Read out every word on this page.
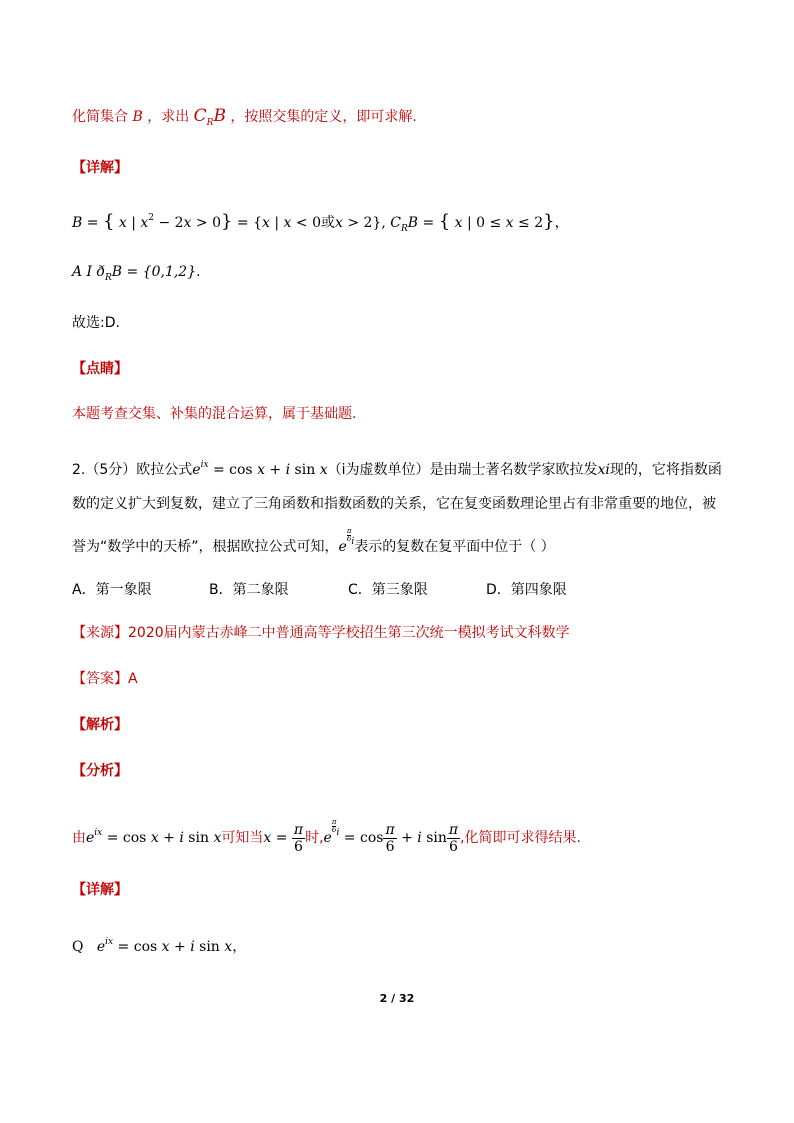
化简集合 B ，求出 $C_RB$ ，按照交集的定义，即可求解.
【详解】
B = { x | $x^2 - 2x > 0\} = \{x$ | x < 0或x > 2}, $C_RB$ = { x | 0 ≤ x ≤ 2}，
A I $ð_RB = \{0,1,2\}$.
故选:D.
【点睛】
本题考查交集、补集的混合运算，属于基础题.
2.（5分）欧拉公式$e^{ix} = \cos x + i$ sin x（i为虚数单位）是由瑞士著名数学家欧拉发xi现的，它将指数函
数的定义扩大到复数，建立了三角函数和指数函数的关系，它在复变函数理论里占有非常重要的地位，被
誉为“数学中的天桥”，根据欧拉公式可知，e
$\frac{\pi}{6} ^i$表示的复数在复平面中位于（ ）
A．第一象限	B．第二象限	C．第三象限	D．第四象限
【来源】2020届内蒙古赤峰二中普通高等学校招生第三次统一模拟考试文科数学
【答案】A
【解析】
【分析】
由$e^{ix} = \cos x + i$ sin x可知当$x = \frac{\pi}{6}$ 时,e
$\frac{\pi}{6} ^i = \cos \frac{\pi}{6} + i$ $\sin \frac{\pi}{6}$ ,化简即可求得结果.
【详解】
Q $e^{ix} = \cos x + i$ sin x，
2 / 32
